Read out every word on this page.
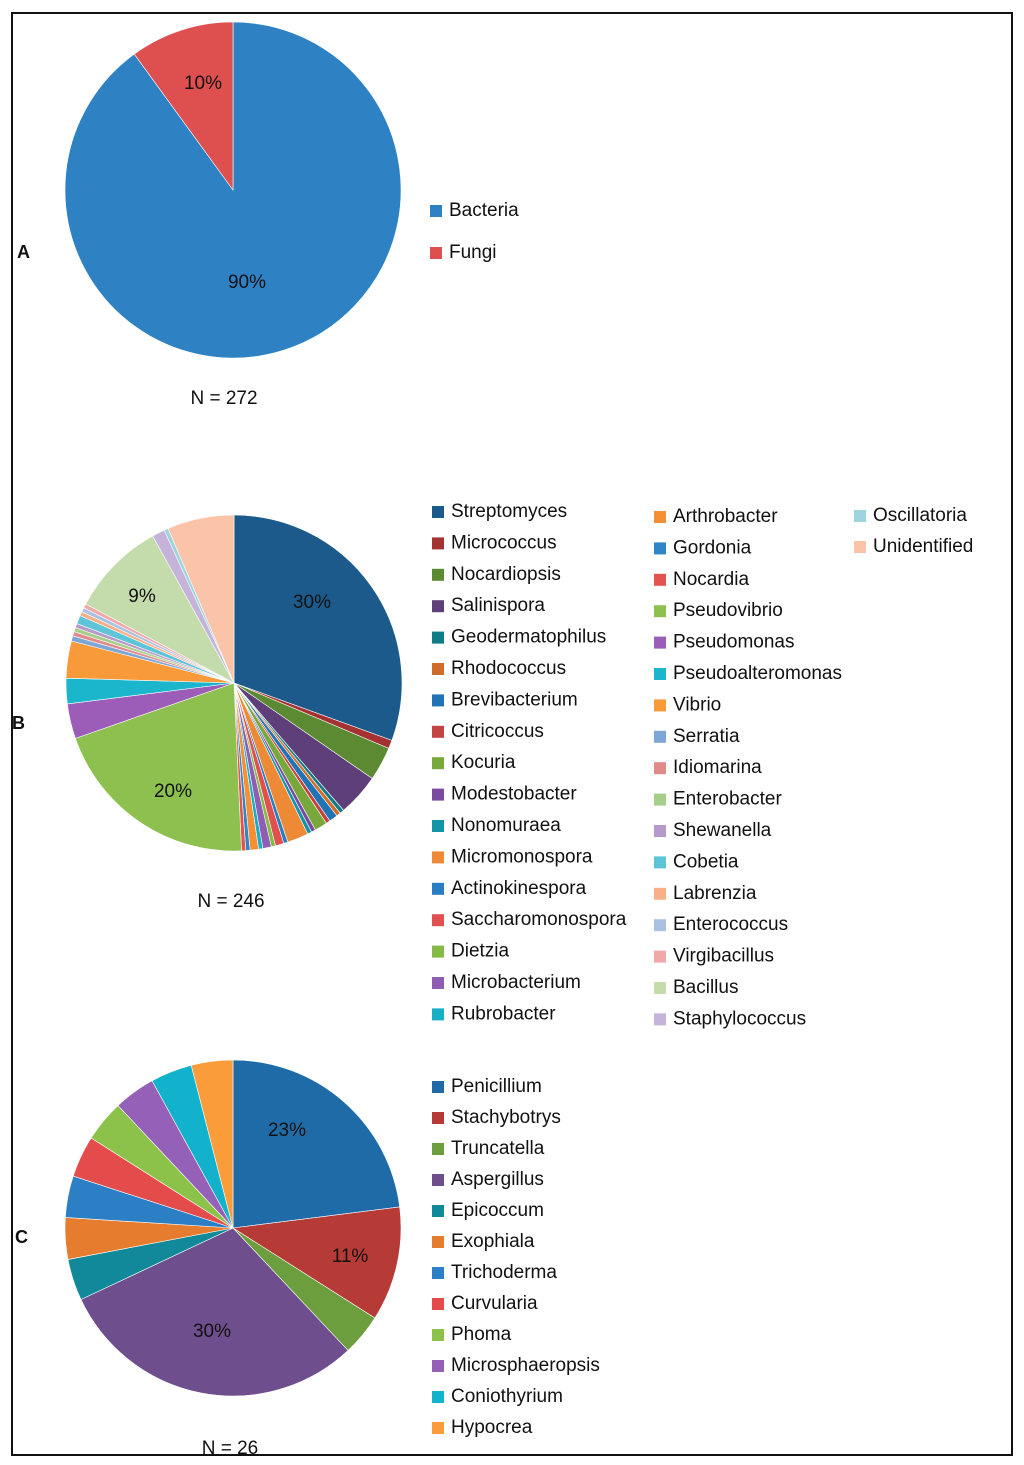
90%
10%
A
N = 272
Bacteria
Fungi
30%
20%
9%
B
N = 246
Streptomyces
Micrococcus
Nocardiopsis
Salinispora
Geodermatophilus
Rhodococcus
Brevibacterium
Citricoccus
Kocuria
Modestobacter
Nonomuraea
Micromonospora
Actinokinespora
Saccharomonospora
Dietzia
Microbacterium
Rubrobacter
Arthrobacter
Gordonia
Nocardia
Pseudovibrio
Pseudomonas
Pseudoalteromonas
Vibrio
Serratia
Idiomarina
Enterobacter
Shewanella
Cobetia
Labrenzia
Enterococcus
Virgibacillus
Bacillus
Staphylococcus
Oscillatoria
Unidentified
23%
11%
30%
C
N = 26
Penicillium
Stachybotrys
Truncatella
Aspergillus
Epicoccum
Exophiala
Trichoderma
Curvularia
Phoma
Microsphaeropsis
Coniothyrium
Hypocrea
